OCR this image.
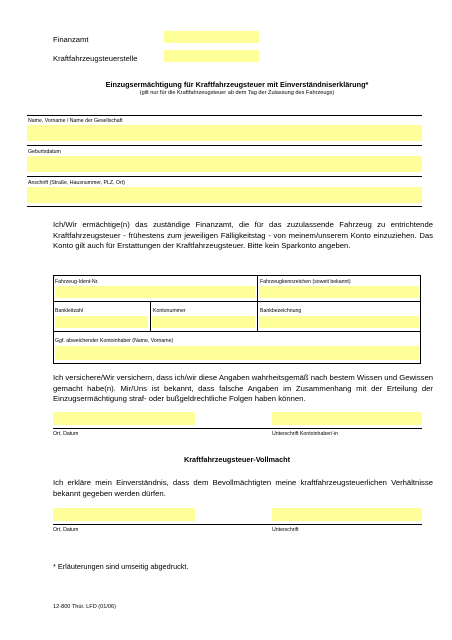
Finanzamt
Kraftfahrzeugsteuerstelle
Einzugsermächtigung für Kraftfahrzeugsteuer mit Einverständniserklärung*
(gilt nur für die Kraftfahrzeugsteuer ab dem Tag der Zulassung des Fahrzeugs)
Name, Vorname / Name der Gesellschaft
Geburtsdatum
Anschrift (Straße, Hausnummer, PLZ, Ort)
Ich/Wir ermächtige(n) das zuständige Finanzamt, die für das zuzulassende Fahrzeug zu entrichtende Kraftfahrzeugsteuer - frühestens zum jeweiligen Fälligkeitstag - von meinem/unserem Konto einzuziehen. Das Konto gilt auch für Erstattungen der Kraftfahrzeugsteuer. Bitte kein Sparkonto angeben.
Fahrzeug-Ident-Nr.	Fahrzeugkennzeichen (soweit bekannt)
Bankleitzahl	Kontonummer	Bankbezeichnung
Ggf. abweichender Kontoinhaber (Name, Vorname)
Ich versichere/Wir versichern, dass ich/wir diese Angaben wahrheitsgemäß nach bestem Wissen und Gewissen gemacht habe(n). Mir/Uns ist bekannt, dass falsche Angaben im Zusammenhang mit der Erteilung der Einzugsermächtigung straf- oder bußgeldrechtliche Folgen haben können.
Ort, Datum	Unterschrift Kontoinhaber/-in
Kraftfahrzeugsteuer-Vollmacht
Ich erkläre mein Einverständnis, dass dem Bevollmächtigten meine kraftfahrzeugsteuerlichen Verhältnisse bekannt gegeben werden dürfen.
Ort, Datum	Unterschrift
* Erläuterungen sind umseitig abgedruckt.
12-800 Thür. LFD (01/06)
